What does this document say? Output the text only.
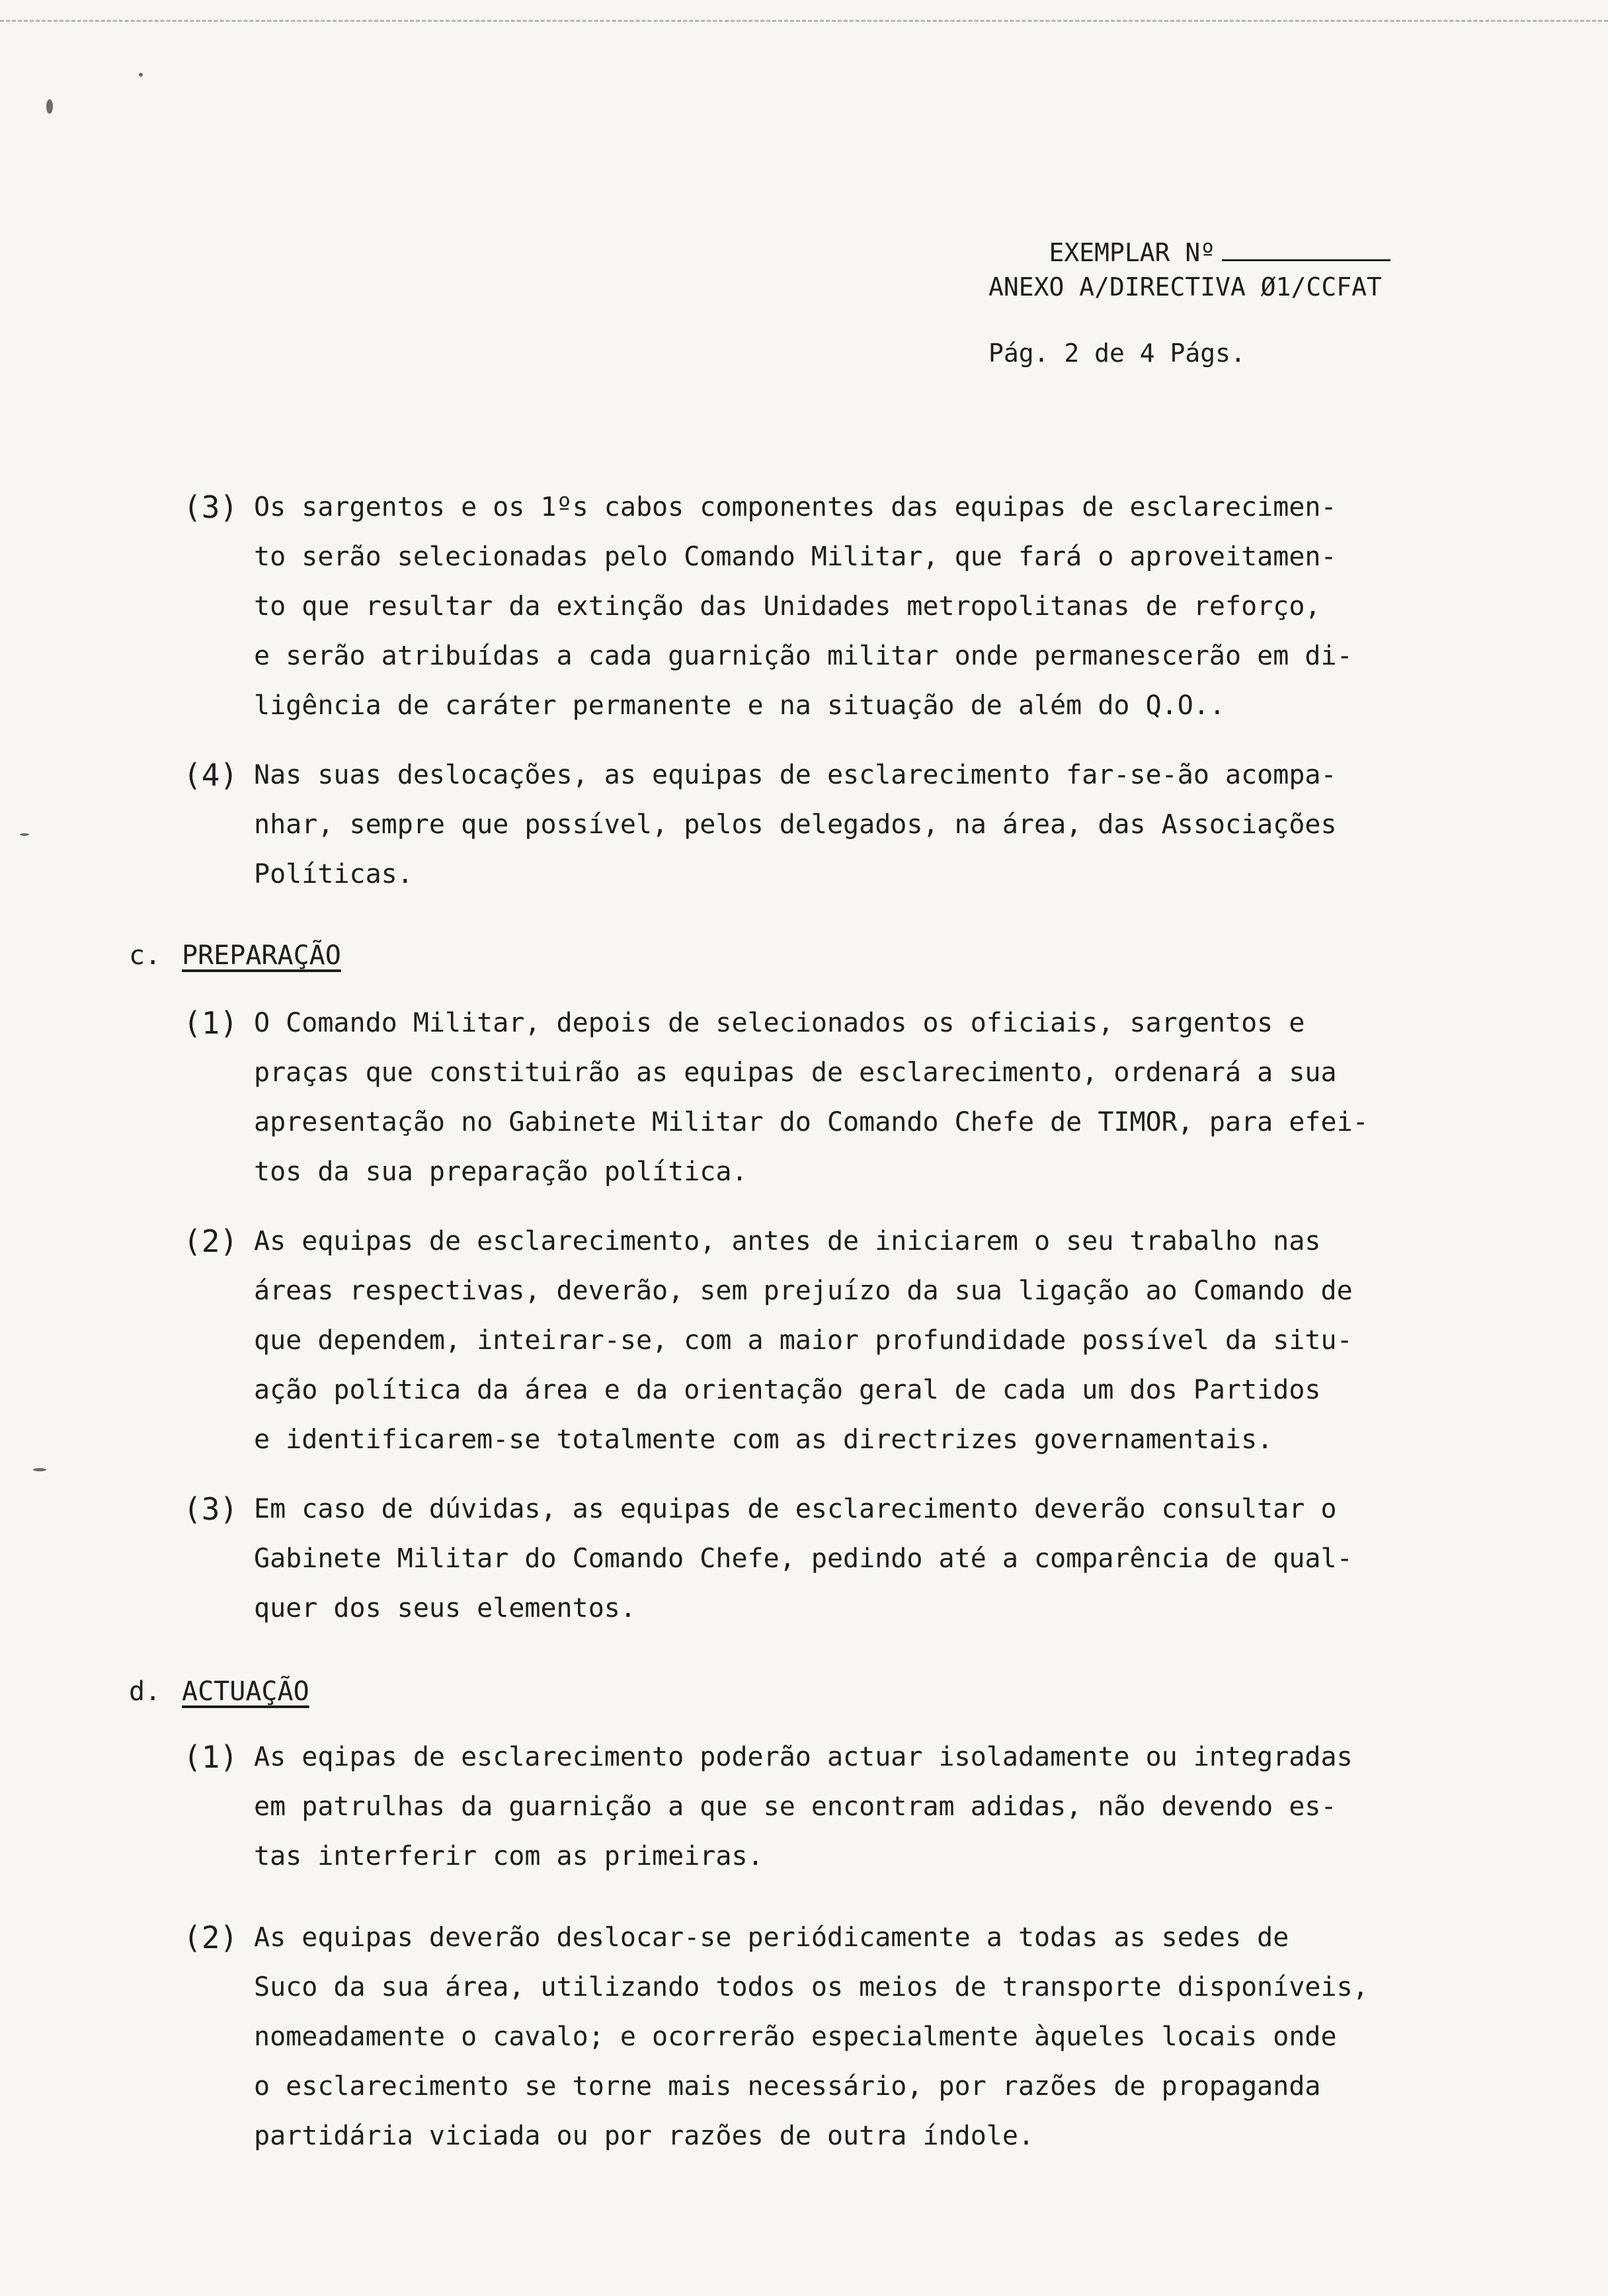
EXEMPLAR Nº

ANEXO A/DIRECTIVA Ø1/CCFAT
Pág. 2 de 4 Págs.
(3) Os sargentos e os 1ºs cabos componentes das equipas de esclarecimen-
to serão selecionadas pelo Comando Militar, que fará o aproveitamen-
to que resultar da extinção das Unidades metropolitanas de reforço,
e serão atribuídas a cada guarnição militar onde permanescerão em di-
ligência de caráter permanente e na situação de além do Q.O..
(4) Nas suas deslocações, as equipas de esclarecimento far-se-ão acompa-
nhar, sempre que possível, pelos delegados, na área, das Associações
Políticas.
c. PREPARAÇÃO
(1) O Comando Militar, depois de selecionados os oficiais, sargentos e
praças que constituirão as equipas de esclarecimento, ordenará a sua
apresentação no Gabinete Militar do Comando Chefe de TIMOR, para efei-
tos da sua preparação política.
(2) As equipas de esclarecimento, antes de iniciarem o seu trabalho nas
áreas respectivas, deverão, sem prejuízo da sua ligação ao Comando de
que dependem, inteirar-se, com a maior profundidade possível da situ-
ação política da área e da orientação geral de cada um dos Partidos
e identificarem-se totalmente com as directrizes governamentais.
(3) Em caso de dúvidas, as equipas de esclarecimento deverão consultar o
Gabinete Militar do Comando Chefe, pedindo até a comparência de qual-
quer dos seus elementos.
d. ACTUAÇÃO
(1) As eqipas de esclarecimento poderão actuar isoladamente ou integradas
em patrulhas da guarnição a que se encontram adidas, não devendo es-
tas interferir com as primeiras.
(2) As equipas deverão deslocar-se periódicamente a todas as sedes de
Suco da sua área, utilizando todos os meios de transporte disponíveis,
nomeadamente o cavalo; e ocorrerão especialmente àqueles locais onde
o esclarecimento se torne mais necessário, por razões de propaganda
partidária viciada ou por razões de outra índole.
